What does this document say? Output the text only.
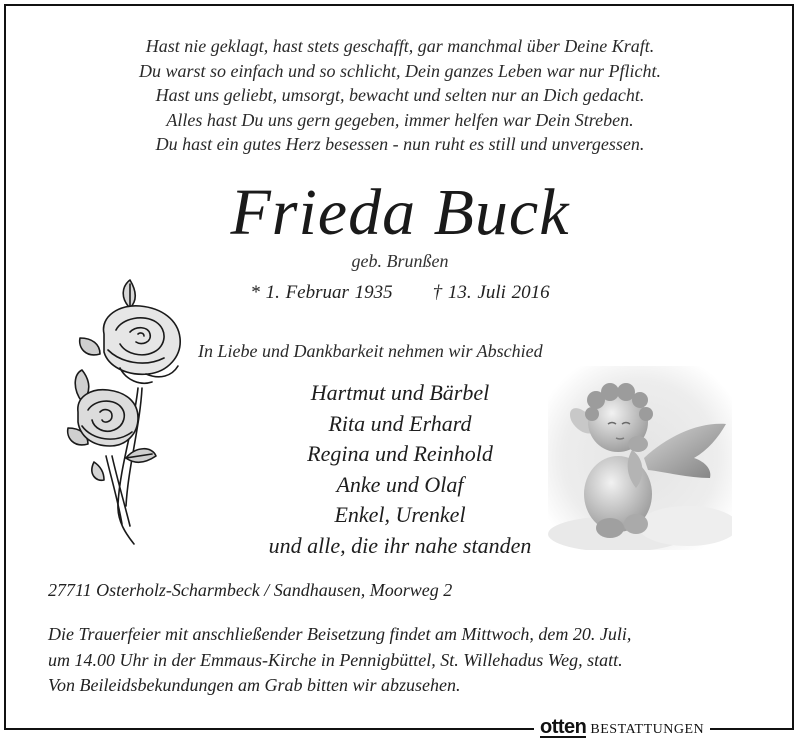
Hast nie geklagt, hast stets geschafft, gar manchmal über Deine Kraft.
Du warst so einfach und so schlicht, Dein ganzes Leben war nur Pflicht.
Hast uns geliebt, umsorgt, bewacht und selten nur an Dich gedacht.
Alles hast Du uns gern gegeben, immer helfen war Dein Streben.
Du hast ein gutes Herz besessen - nun ruht es still und unvergessen.
Frieda Buck
geb. Brunßen
* 1. Februar 1935 † 13. Juli 2016
In Liebe und Dankbarkeit nehmen wir Abschied
Hartmut und Bärbel
Rita und Erhard
Regina und Reinhold
Anke und Olaf
Enkel, Urenkel
und alle, die ihr nahe standen
27711 Osterholz-Scharmbeck / Sandhausen, Moorweg 2
Die Trauerfeier mit anschließender Beisetzung findet am Mittwoch, dem 20. Juli,
um 14.00 Uhr in der Emmaus-Kirche in Pennigbüttel, St. Willehadus Weg, statt.
Von Beileidsbekundungen am Grab bitten wir abzusehen.
otten BESTATTUNGEN
